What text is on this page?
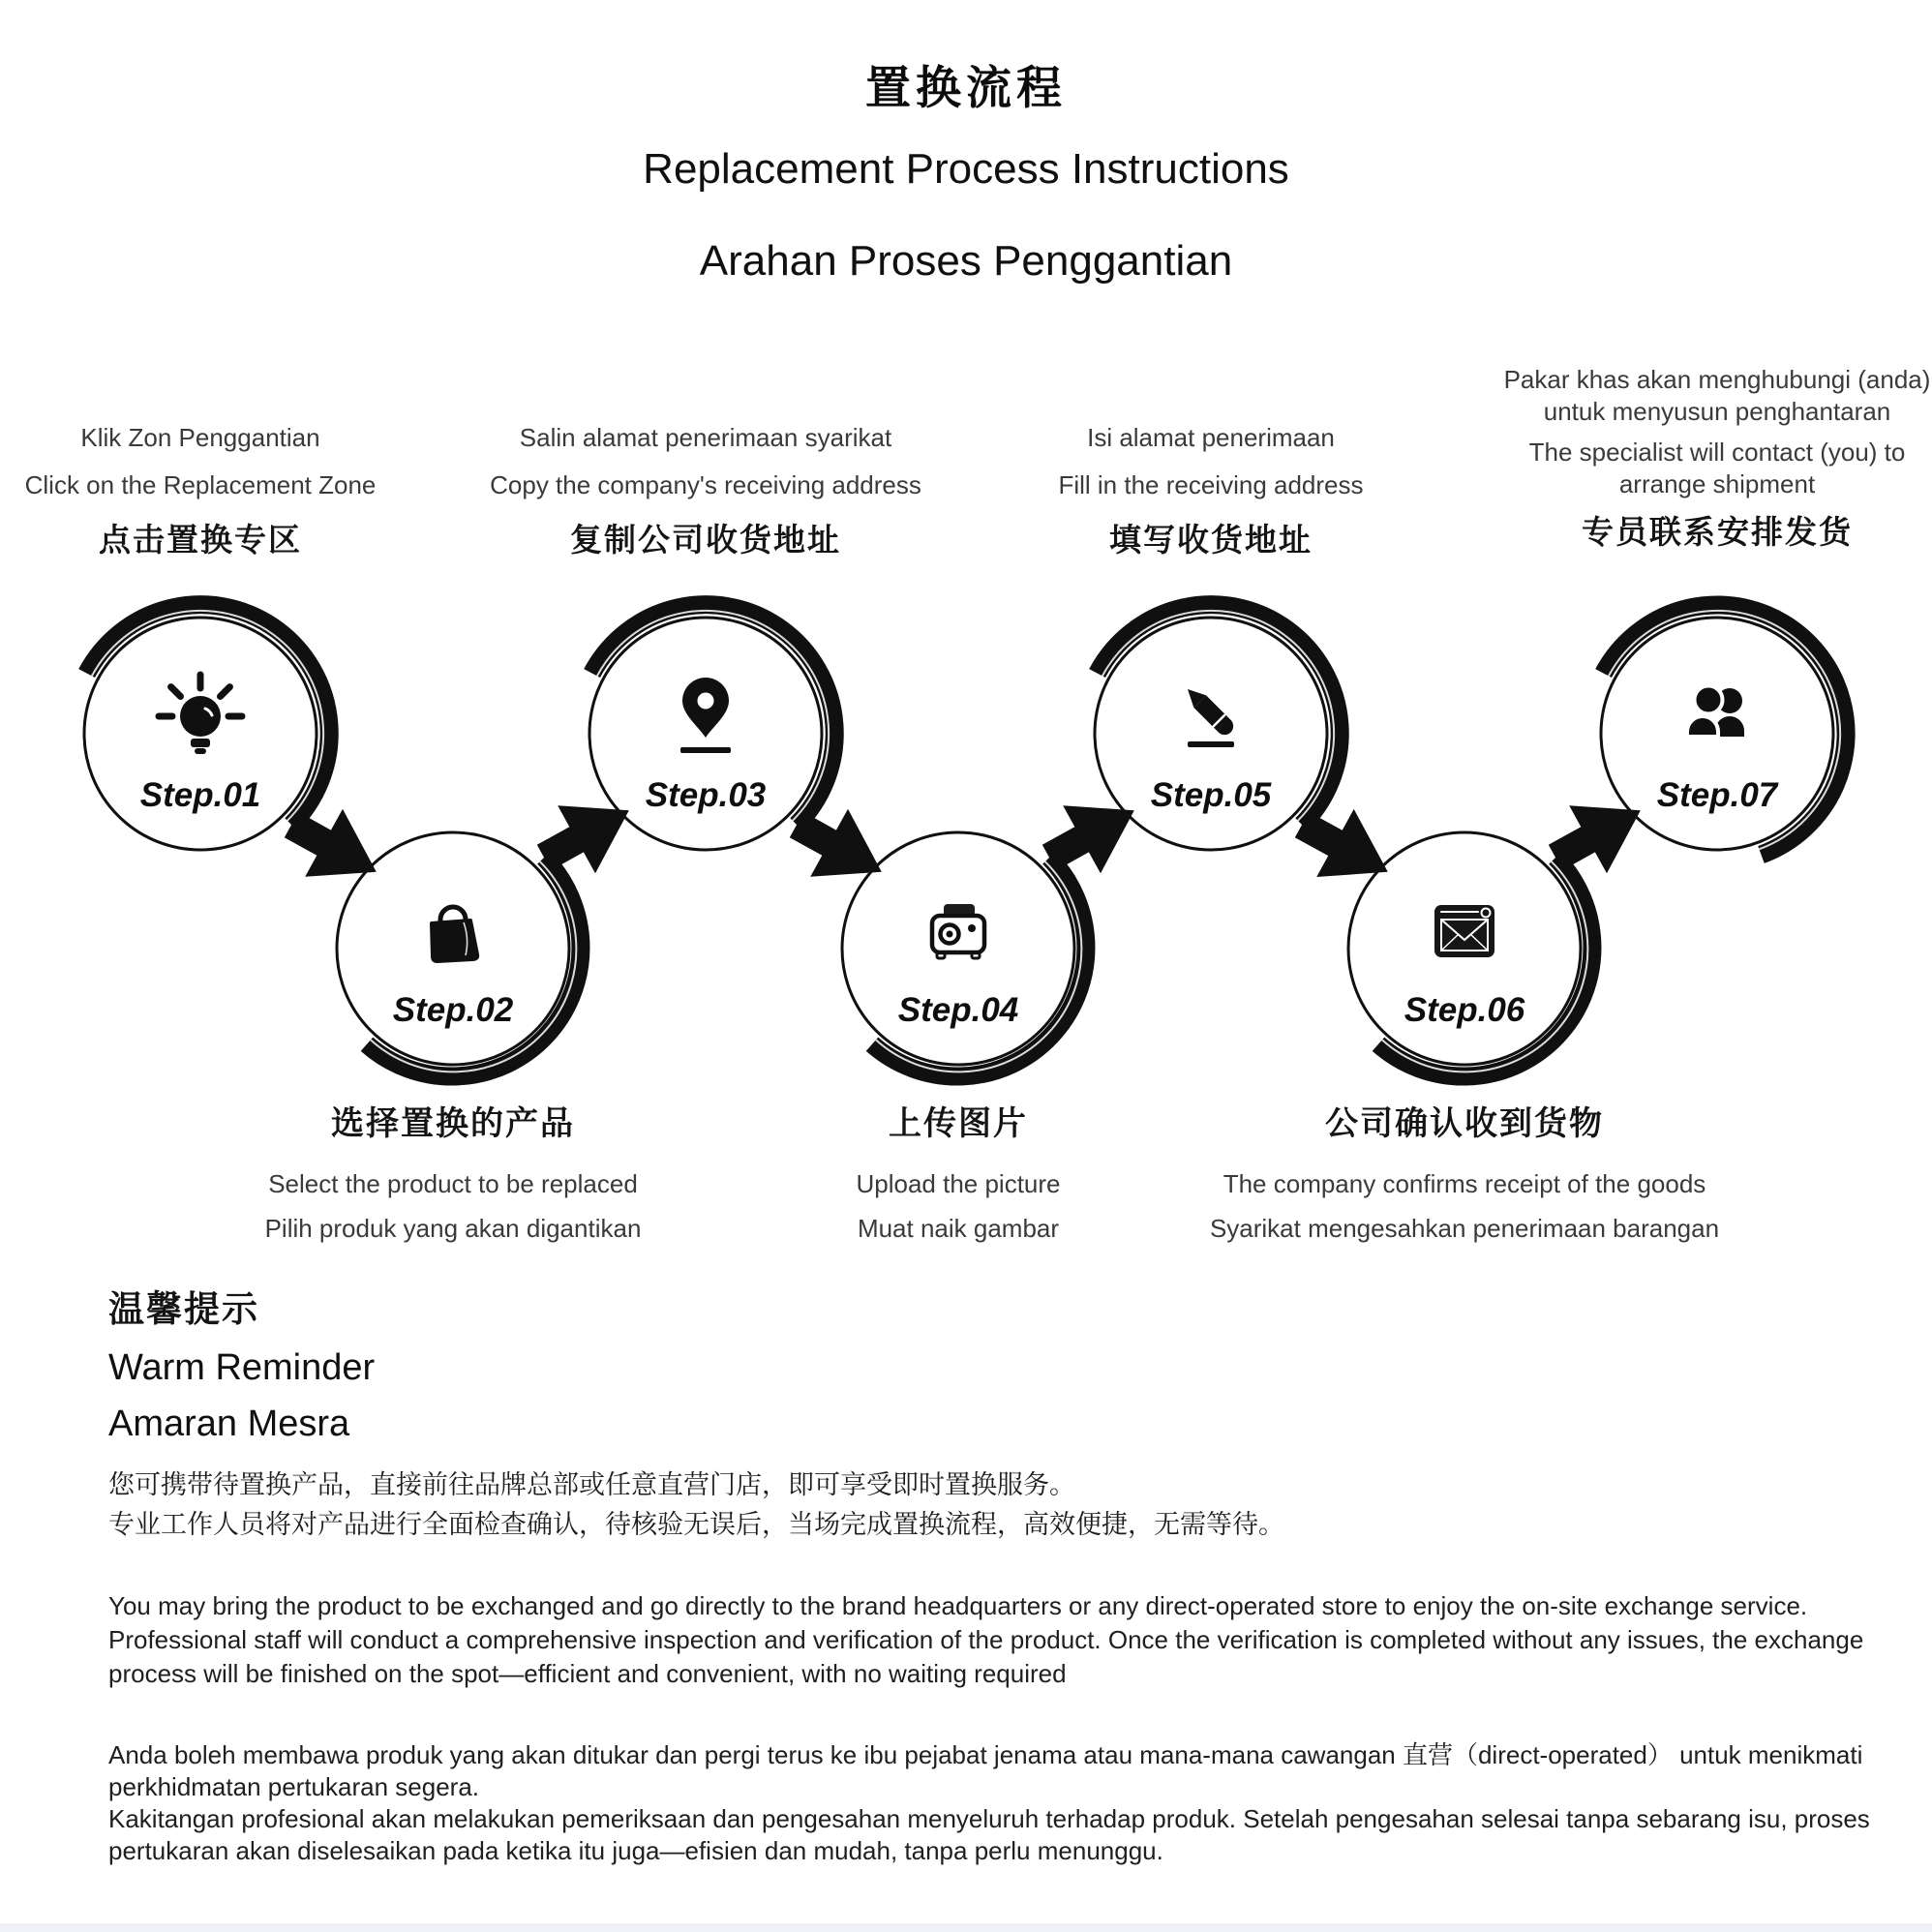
置换流程
Replacement Process Instructions
Arahan Proses Penggantian
Klik Zon Penggantian
Click on the Replacement Zone
点击置换专区
Salin alamat penerimaan syarikat
Copy the company's receiving address
复制公司收货地址
Isi alamat penerimaan
Fill in the receiving address
填写收货地址
Pakar khas akan menghubungi (anda) untuk menyusun penghantaran
The specialist will contact (you) to arrange shipment
专员联系安排发货
Step.01
Step.02
Step.03
Step.04
Step.05
Step.06
Step.07
选择置换的产品
Select the product to be replaced
Pilih produk yang akan digantikan
上传图片
Upload the picture
Muat naik gambar
公司确认收到货物
The company confirms receipt of the goods
Syarikat mengesahkan penerimaan barangan
温馨提示
Warm Reminder
Amaran Mesra
您可携带待置换产品，直接前往品牌总部或任意直营门店，即可享受即时置换服务。
专业工作人员将对产品进行全面检查确认，待核验无误后，当场完成置换流程，高效便捷，无需等待。
You may bring the product to be exchanged and go directly to the brand headquarters or any direct-operated store to enjoy the on-site exchange service. Professional staff will conduct a comprehensive inspection and verification of the product. Once the verification is completed without any issues, the exchange process will be finished on the spot—efficient and convenient, with no waiting required
Anda boleh membawa produk yang akan ditukar dan pergi terus ke ibu pejabat jenama atau mana-mana cawangan 直营（direct-operated） untuk menikmati perkhidmatan pertukaran segera.
Kakitangan profesional akan melakukan pemeriksaan dan pengesahan menyeluruh terhadap produk. Setelah pengesahan selesai tanpa sebarang isu, proses pertukaran akan diselesaikan pada ketika itu juga—efisien dan mudah, tanpa perlu menunggu.
